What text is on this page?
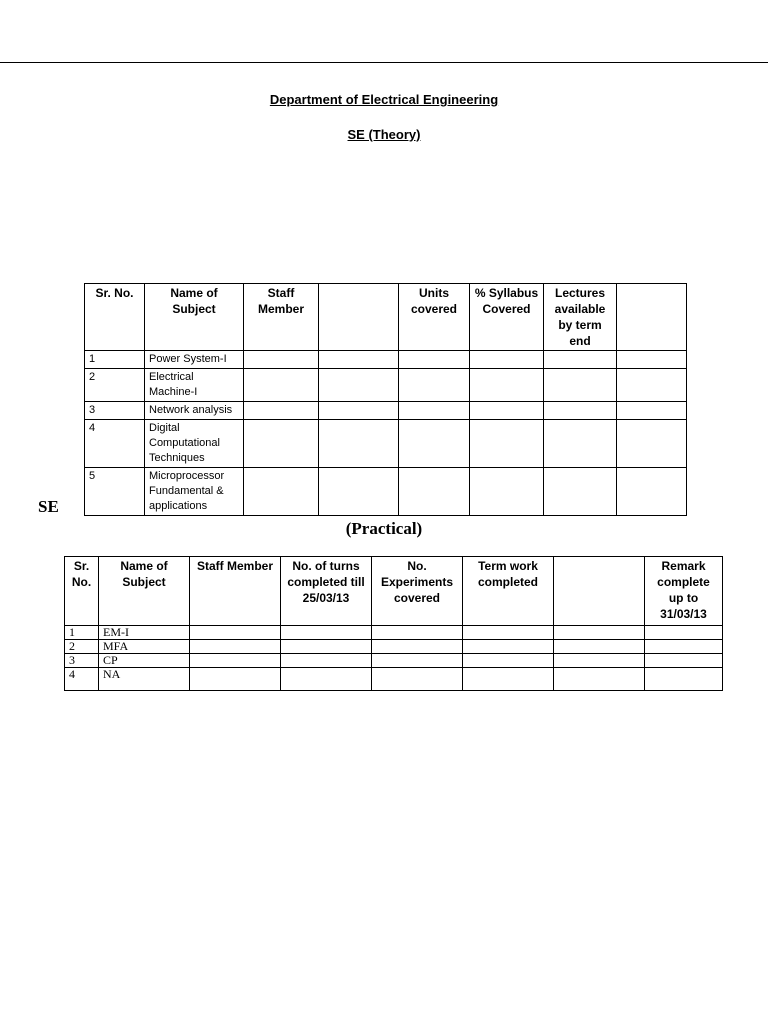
Department of Electrical Engineering
SE (Theory)
Sr. No.	Name of Subject	Staff Member		Units covered	% Syllabus Covered	Lectures available by term end	
1	Power System-I						
2	Electrical Machine-I						
3	Network analysis						
4	Digital Computational Techniques						
5	Microprocessor Fundamental & applications						
SE
(Practical)
Sr. No.	Name of Subject	Staff Member	No. of turns completed till 25/03/13	No. Experiments covered	Term work completed		Remark complete up to 31/03/13
1	EM-I						
2	MFA						
3	CP						
4	NA						
